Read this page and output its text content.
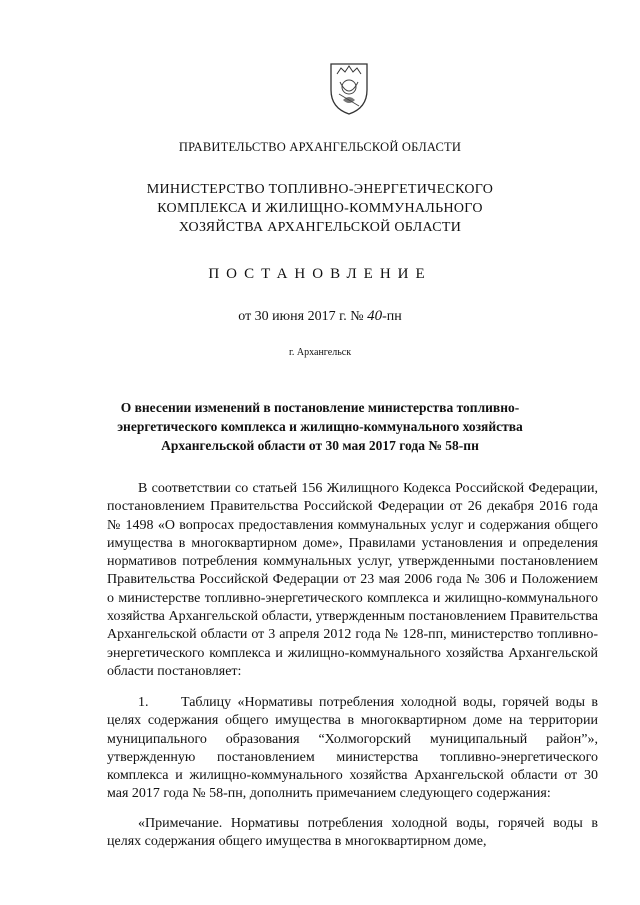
ПРАВИТЕЛЬСТВО АРХАНГЕЛЬСКОЙ ОБЛАСТИ
МИНИСТЕРСТВО ТОПЛИВНО-ЭНЕРГЕТИЧЕСКОГО
КОМПЛЕКСА И ЖИЛИЩНО-КОММУНАЛЬНОГО
ХОЗЯЙСТВА АРХАНГЕЛЬСКОЙ ОБЛАСТИ
ПОСТАНОВЛЕНИЕ
от 30 июня 2017 г. № 40-пн
г. Архангельск
О внесении изменений в постановление министерства топливно-
энергетического комплекса и жилищно-коммунального хозяйства
Архангельской области от 30 мая 2017 года № 58-пн

В соответствии со статьей 156 Жилищного Кодекса Российской Федерации, постановлением Правительства Российской Федерации от 26 декабря 2016 года № 1498 «О вопросах предоставления коммунальных услуг и содержания общего имущества в многоквартирном доме», Правилами установления и определения нормативов потребления коммунальных услуг, утвержденными постановлением Правительства Российской Федерации от 23 мая 2006 года № 306 и Положением о министерстве топливно-энергетического комплекса и жилищно-коммунального хозяйства Архангельской области, утвержденным постановлением Правительства Архангельской области от 3 апреля 2012 года № 128-пп, министерство топливно-энергетического комплекса и жилищно-коммунального хозяйства Архангельской области постановляет:

1. Таблицу «Нормативы потребления холодной воды, горячей воды в целях содержания общего имущества в многоквартирном доме на территории муниципального образования “Холмогорский муниципальный район”», утвержденную постановлением министерства топливно-энергетического комплекса и жилищно-коммунального хозяйства Архангельской области от 30 мая 2017 года № 58-пн, дополнить примечанием следующего содержания:

«Примечание. Нормативы потребления холодной воды, горячей воды в целях содержания общего имущества в многоквартирном доме,
